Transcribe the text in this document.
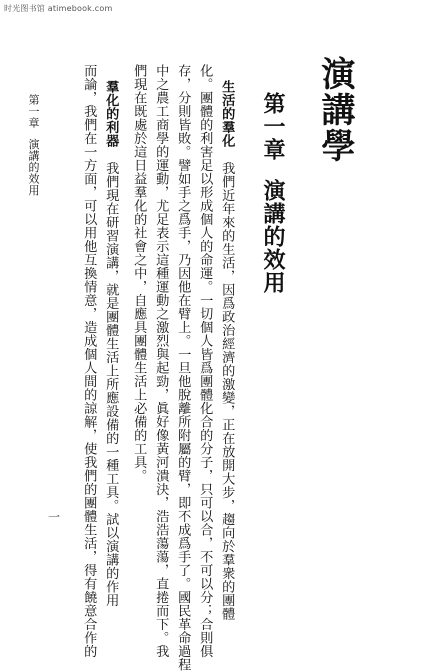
时光图书馆 atimebook.com
演講學
第一章演講的效用
生活的羣化我們近年來的生活，因爲政治經濟的激變，正在放開大步，趨向於羣衆的團體
化。團體的利害足以形成個人的命運。一切個人皆爲團體化合的分子，只可以合，不可以分；合則俱
存，分則皆敗。譬如手之爲手，乃因他在臂上。一旦他脫離所附屬的臂，即不成爲手了。國民革命過程
中之農工商學的運動，尤足表示這種運動之激烈與起勁，眞好像黃河潰決，浩浩蕩蕩，直捲而下。我
們現在既處於這日益羣化的社會之中，自應具團體生活上必備的工具。
羣化的利器我們現在研習演講，就是團體生活上所應設備的一種工具。試以演講的作用
而論，我們在一方面，可以用他互換情意，造成個人間的諒解，使我們的團體生活，得有饒意合作的
第一章演講的效用
一
